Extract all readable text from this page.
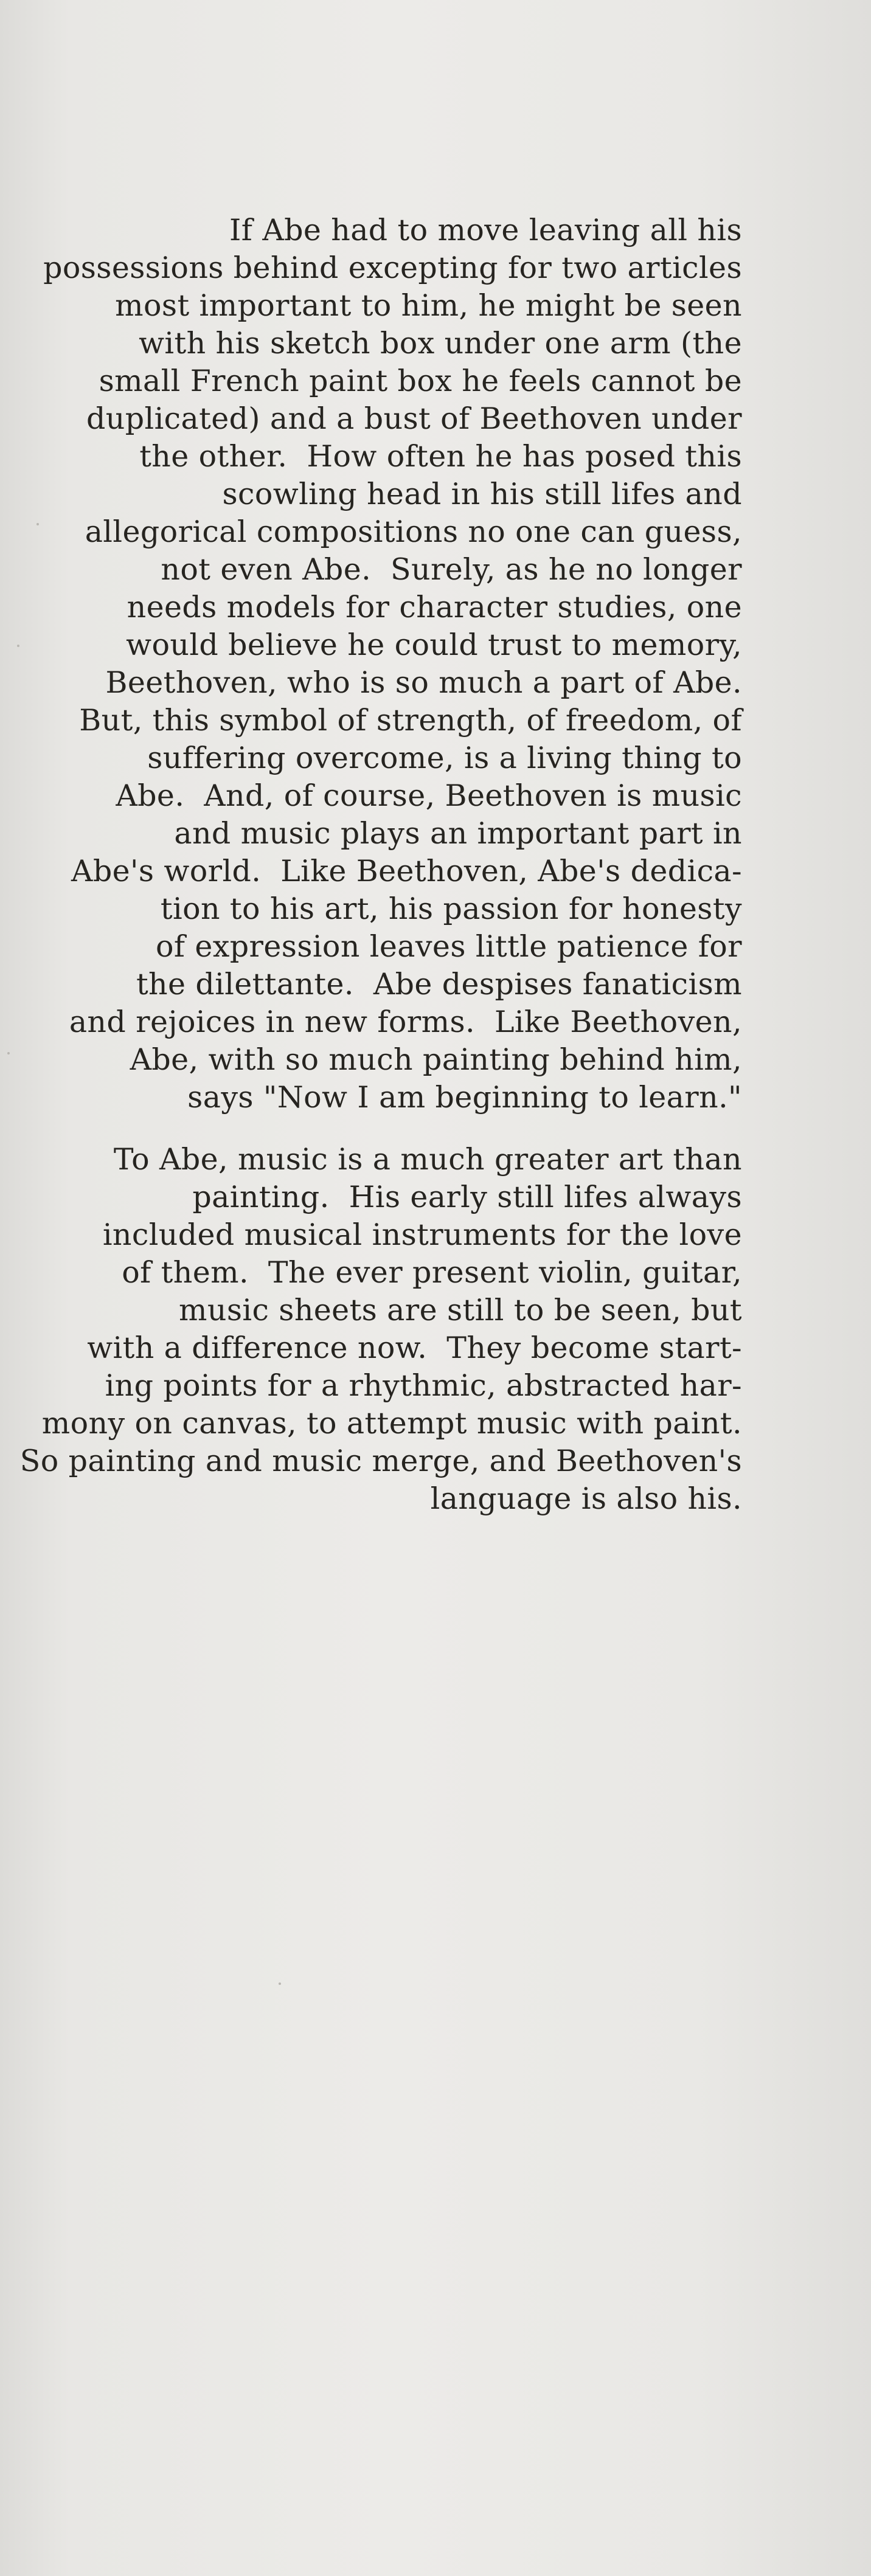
If Abe had to move leaving all his
possessions behind excepting for two articles
most important to him, he might be seen
with his sketch box under one arm (the
small French paint box he feels cannot be
duplicated) and a bust of Beethoven under
the other.  How often he has posed this
scowling head in his still lifes and
allegorical compositions no one can guess,
not even Abe.  Surely, as he no longer
needs models for character studies, one
would believe he could trust to memory,
Beethoven, who is so much a part of Abe.
But, this symbol of strength, of freedom, of
suffering overcome, is a living thing to
Abe.  And, of course, Beethoven is music
and music plays an important part in
Abe's world.  Like Beethoven, Abe's dedica-
tion to his art, his passion for honesty
of expression leaves little patience for
the dilettante.  Abe despises fanaticism
and rejoices in new forms.  Like Beethoven,
Abe, with so much painting behind him,
says "Now I am beginning to learn."
To Abe, music is a much greater art than
painting.  His early still lifes always
included musical instruments for the love
of them.  The ever present violin, guitar,
music sheets are still to be seen, but
with a difference now.  They become start-
ing points for a rhythmic, abstracted har-
mony on canvas, to attempt music with paint.
So painting and music merge, and Beethoven's
language is also his.
